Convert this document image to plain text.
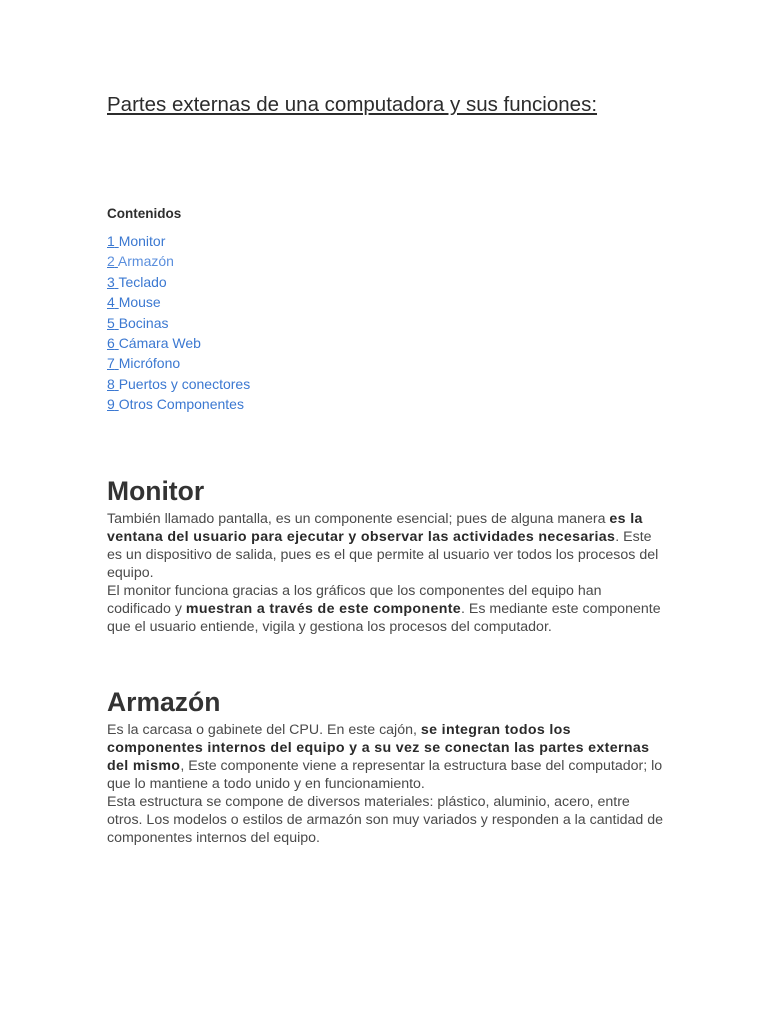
Partes externas de una computadora y sus funciones:
Contenidos
1 Monitor
2 Armazón
3 Teclado
4 Mouse
5 Bocinas
6 Cámara Web
7 Micrófono
8 Puertos y conectores
9 Otros Componentes
Monitor

También llamado pantalla, es un componente esencial; pues de alguna manera es la ventana del usuario para ejecutar y observar las actividades necesarias. Este es un dispositivo de salida, pues es el que permite al usuario ver todos los procesos del equipo.

El monitor funciona gracias a los gráficos que los componentes del equipo han codificado y muestran a través de este componente. Es mediante este componente que el usuario entiende, vigila y gestiona los procesos del computador.

Armazón

Es la carcasa o gabinete del CPU. En este cajón, se integran todos los componentes internos del equipo y a su vez se conectan las partes externas del mismo, Este componente viene a representar la estructura base del computador; lo que lo mantiene a todo unido y en funcionamiento.

Esta estructura se compone de diversos materiales: plástico, aluminio, acero, entre otros. Los modelos o estilos de armazón son muy variados y responden a la cantidad de componentes internos del equipo.
